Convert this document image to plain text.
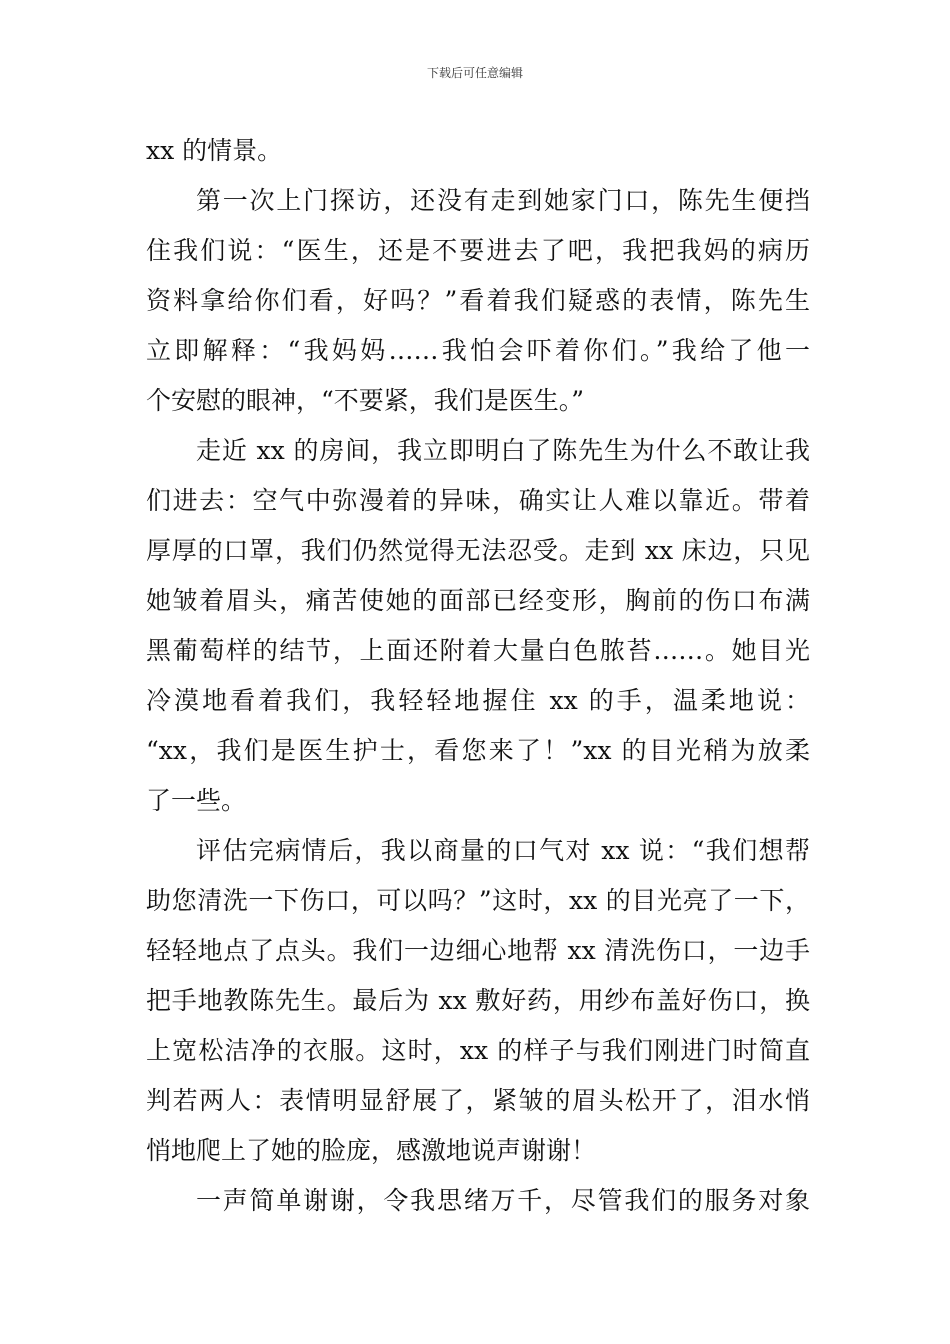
下载后可任意编辑
xx 的情景。
第一次上门探访，还没有走到她家门口，陈先生便挡
住我们说：“医生，还是不要进去了吧，我把我妈的病历
资料拿给你们看，好吗？”看着我们疑惑的表情，陈先生
立即解释：“我妈妈……我怕会吓着你们。”我给了他一
个安慰的眼神，“不要紧，我们是医生。”
走近 xx 的房间，我立即明白了陈先生为什么不敢让我
们进去：空气中弥漫着的异味，确实让人难以靠近。带着
厚厚的口罩，我们仍然觉得无法忍受。走到 xx 床边，只见
她皱着眉头，痛苦使她的面部已经变形，胸前的伤口布满
黑葡萄样的结节，上面还附着大量白色脓苔……。她目光
冷漠地看着我们，我轻轻地握住 xx 的手，温柔地说：
“xx，我们是医生护士，看您来了！”xx 的目光稍为放柔
了一些。
评估完病情后，我以商量的口气对 xx 说：“我们想帮
助您清洗一下伤口，可以吗？”这时，xx 的目光亮了一下，
轻轻地点了点头。我们一边细心地帮 xx 清洗伤口，一边手
把手地教陈先生。最后为 xx 敷好药，用纱布盖好伤口，换
上宽松洁净的衣服。这时，xx 的样子与我们刚进门时简直
判若两人：表情明显舒展了，紧皱的眉头松开了，泪水悄
悄地爬上了她的脸庞，感激地说声谢谢！
一声简单谢谢，令我思绪万千，尽管我们的服务对象
